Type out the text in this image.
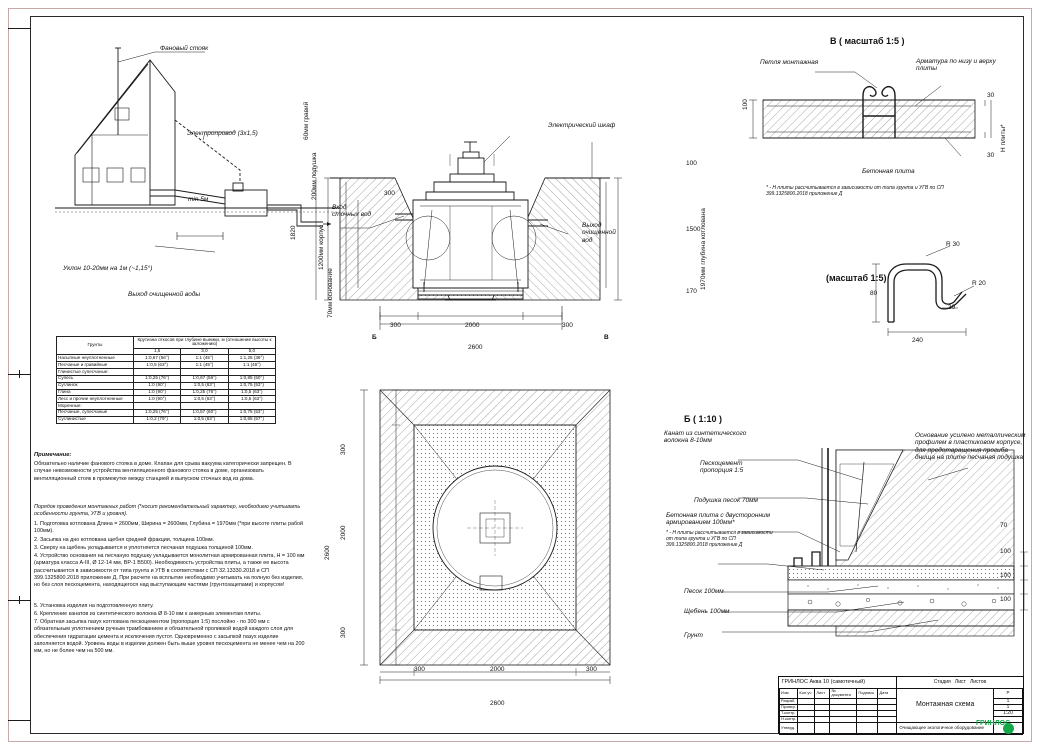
Фановый стояк
Электропровод (3х1,5)
min 5м
Уклон 10-20мм на 1м (~1,15°)
Выход очищенной воды
Электрический шкаф
Вход сточных вод
Выход очищенной вод
Б	В
60мм гравий
1200мм корпус
1820
200мм подушка
70мм основание
100
1500
170
1970мм глубина котлована
300
300	2000	300
2600
300
2000
300
2600
300	2000	300
2600
В ( масштаб 1:5 )
Петля монтажная	Арматура по низу и верху плиты
Бетонная плита
100
30
30
Н плиты*
* - Н плиты рассчитывается в зависимости от типа грунта и УГВ по СП 399.1325800.2018 приложение Д
(масштаб 1:5)
R 30
R 20
80
30
240
Б ( 1:10 )
Канат из синтетического волокна 8-10мм
Пескоцемент пропорция 1:5
Подушка песок 70мм
Бетонная плита с двусторонним армированием 100мм*
* - Н плиты рассчитывается в зависимости от типа грунта и УГВ по СП 399.1325800.2018 приложение Д
Песок 100мм
Щебень 100мм
Грунт
Основание усилено металлическим профилем в пластиковом корпусе, для предотвращения прогиба днища на плите песчаная подушка
70
100
100
100
Грунты	Крутизна откосов при глубине выемки, м (отношение высоты к заложению)		
	1,5	3,0	5,0
Насыпные неуплотненные	1:0,67 (56°)	1:1 (45°)	1:1,25 (39°)
Песчаные и гравийные	1:0,5 (63°)	1:1 (45°)	1:1 (45°)
Глинистые супесчаные:			
Супесь	1:0,25 (76°)	1:0,67 (56°)	1:0,85 (50°)
Суглинок	1:0 (90°)	1:0,5 (63°)	1:0,75 (53°)
Глина	1:0 (90°)	1:0,25 (76°)	1:0,5 (63°)
Лесс и прочие неуплотненные	1:0 (90°)	1:0,5 (63°)	1:0,5 (63°)
Моренные:			
Песчаные, супесчаные	1:0,25 (76°)	1:0,57 (60°)	1:0,75 (53°)
Суглинистые	1:0,2 (79°)	1:0,5 (63°)	1:0,65 (57°)
Примечание:
Обязательно наличие фанового стояка в доме. Клапан для срыва вакуума категорически запрещен. В случае невозможности устройства вентиляционного фанового стояка в доме, организовать вентиляционный стояк в промежутке между станцией и выпуском сточных вод из дома.
Порядок проведения монтажных работ (*носит рекомендательный характер, необходимо учитывать особенности грунта, УГВ и уровня).
1. Подготовка котлована Длина = 2600мм, Ширина = 2600мм, Глубина = 1970мм (*при высоте плиты рабой 100мм).
2. Засыпка на дно котлована щебня средней фракции, толщина 100мм.
3. Сверху на щебень укладывается и уплотняется песчаная подушка толщиной 100мм.
4. Устройство основания на песчаную подушку укладывается монолитная армированная плита, Н = 100 мм (арматура класса А-III, Ø 12-14 мм, ВР-1 В500). Необходимость устройства плиты, а также ее высота рассчитывается в зависимости от типа грунта и УГВ в соответствии с СП 32.13330.2018 и СП 399.1325800.2018 приложение Д. При расчете на всплытие необходимо учитывать на полную без изделия, но без слоя пескоцемента, находящегося над выступающим частями (грунтозацепами) и корпусом!
5. Установка изделия на подготовленную плиту.
6. Крепление канатов из синтетического волокна Ø 8-10 мм к анкерным элементам плиты.
7. Обратная засыпка пазух котлована пескоцементом (пропорция 1:5) послойно - по 300 мм с обязательным уплотнением ручным трамбованием и обязательной проливкой водой каждого слоя для обеспечения гидратации цемента и исключения пустот. Одновременно с засыпкой пазух изделие заполняется водой. Уровень воды в изделии должен быть выше уровня пескоцемента не менее чем на 200 мм, но не более чем на 500 мм.
ГРИНЛОС Аква 10 (самотечный)						Стадия Лист Листов	
Изм.	Кол.уч	Лист	№ документа	Подпись	Дата	Монтажная схема	Р
Разраб.							1
Провер.							1
Т.контр.							1:20
Н.контр.							
Утверд.						Очищающее экологичное оборудование	
ГРИНЛОС
